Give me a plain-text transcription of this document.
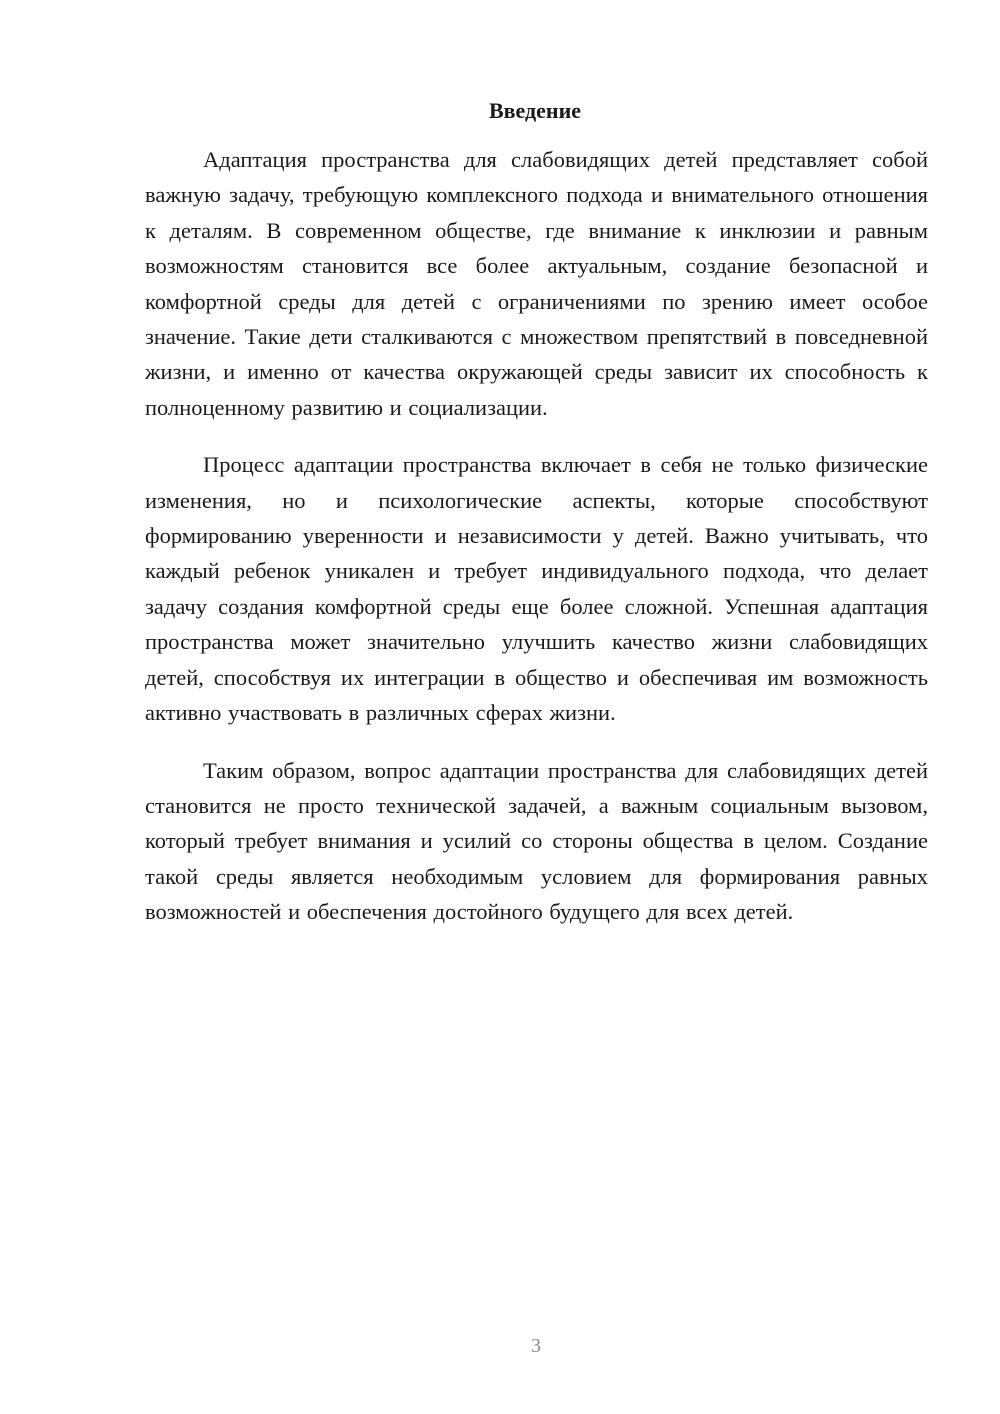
Введение

Адаптация пространства для слабовидящих детей представляет собой важную задачу, требующую комплексного подхода и внимательного отношения к деталям. В современном обществе, где внимание к инклюзии и равным возможностям становится все более актуальным, создание безопасной и комфортной среды для детей с ограничениями по зрению имеет особое значение. Такие дети сталкиваются с множеством препятствий в повседневной жизни, и именно от качества окружающей среды зависит их способность к полноценному развитию и социализации.

Процесс адаптации пространства включает в себя не только физические изменения, но и психологические аспекты, которые способствуют формированию уверенности и независимости у детей. Важно учитывать, что каждый ребенок уникален и требует индивидуального подхода, что делает задачу создания комфортной среды еще более сложной. Успешная адаптация пространства может значительно улучшить качество жизни слабовидящих детей, способствуя их интеграции в общество и обеспечивая им возможность активно участвовать в различных сферах жизни.

Таким образом, вопрос адаптации пространства для слабовидящих детей становится не просто технической задачей, а важным социальным вызовом, который требует внимания и усилий со стороны общества в целом. Создание такой среды является необходимым условием для формирования равных возможностей и обеспечения достойного будущего для всех детей.

3
